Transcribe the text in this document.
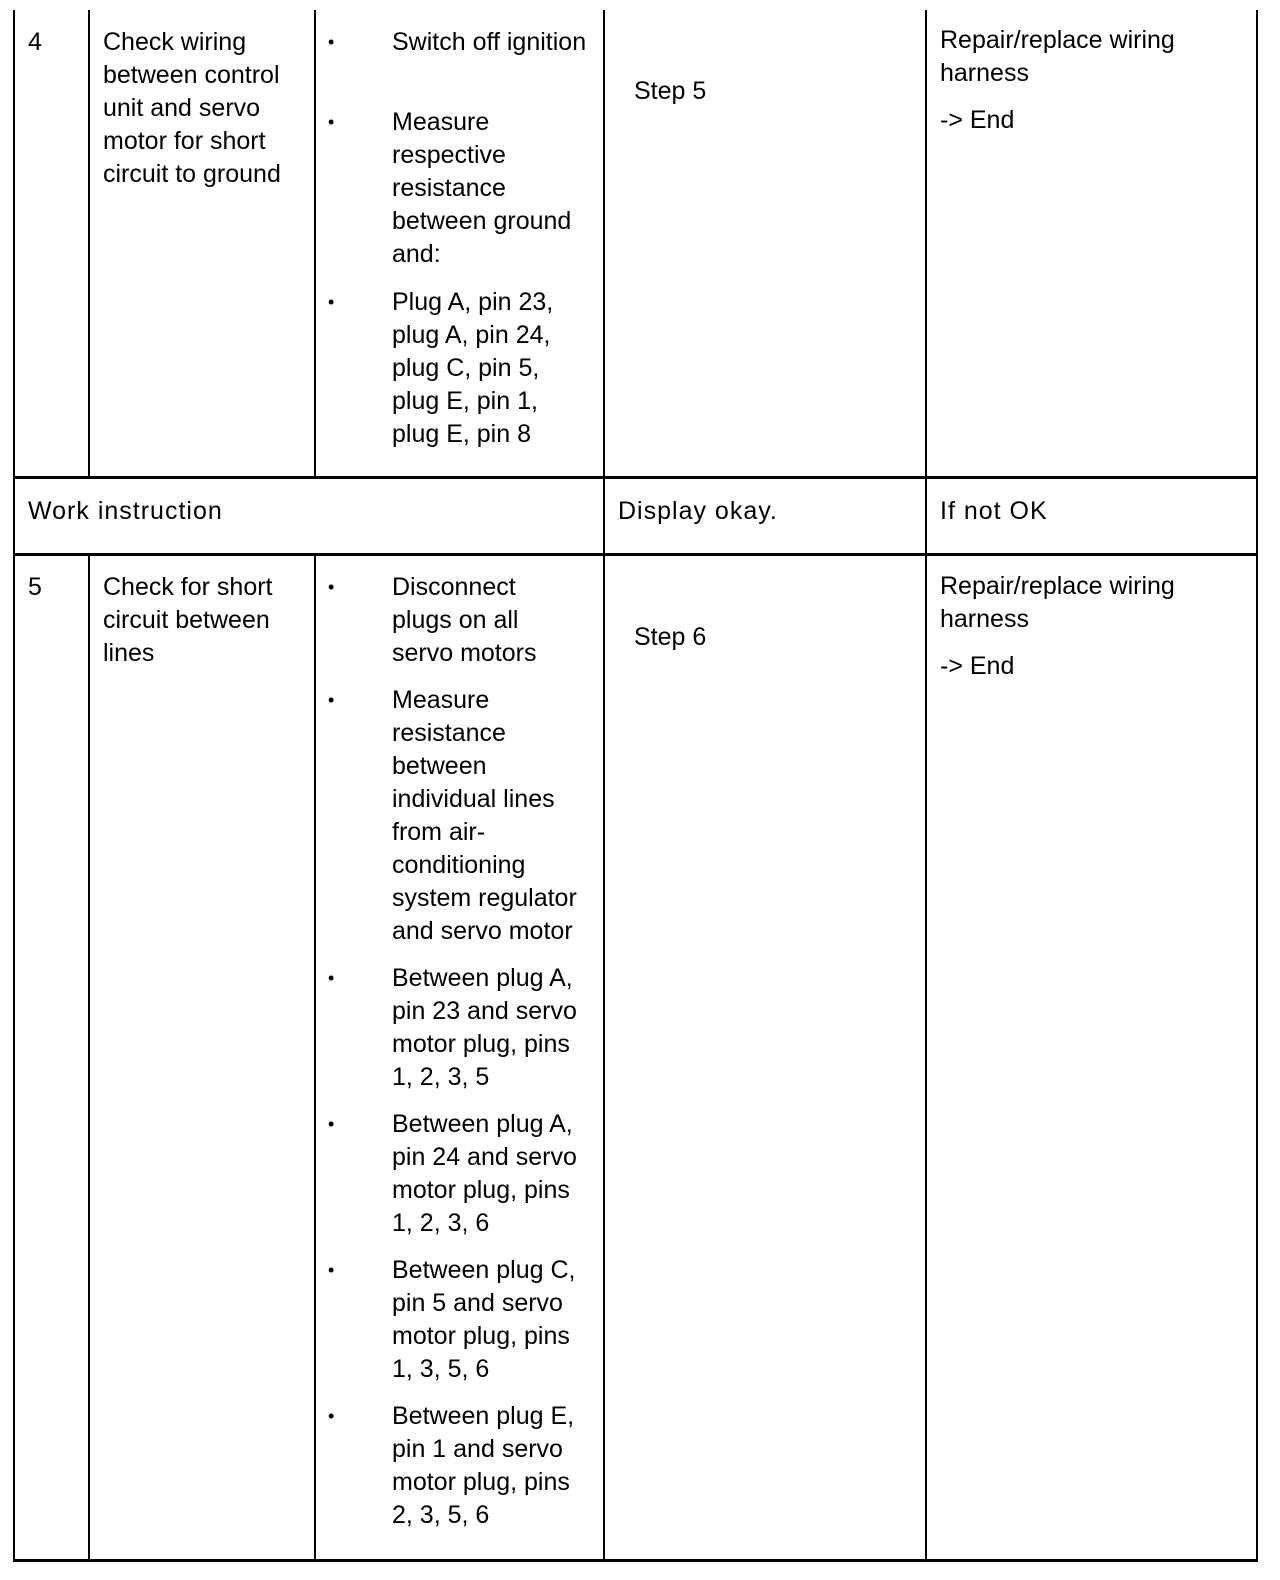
4 Check wiring between control unit and servo motor for short circuit to ground
• Switch off ignition
• Measure respective resistance between ground and:
• Plug A, pin 23, plug A, pin 24, plug C, pin 5, plug E, pin 1, plug E, pin 8
Step 5
Repair/replace wiring harness
-> End
Work instruction	Display okay.	If not OK
5 Check for short circuit between lines
• Disconnect plugs on all servo motors
• Measure resistance between individual lines from air-conditioning system regulator and servo motor
• Between plug A, pin 23 and servo motor plug, pins 1, 2, 3, 5
• Between plug A, pin 24 and servo motor plug, pins 1, 2, 3, 6
• Between plug C, pin 5 and servo motor plug, pins 1, 3, 5, 6
• Between plug E, pin 1 and servo motor plug, pins 2, 3, 5, 6
Step 6
Repair/replace wiring harness
-> End
